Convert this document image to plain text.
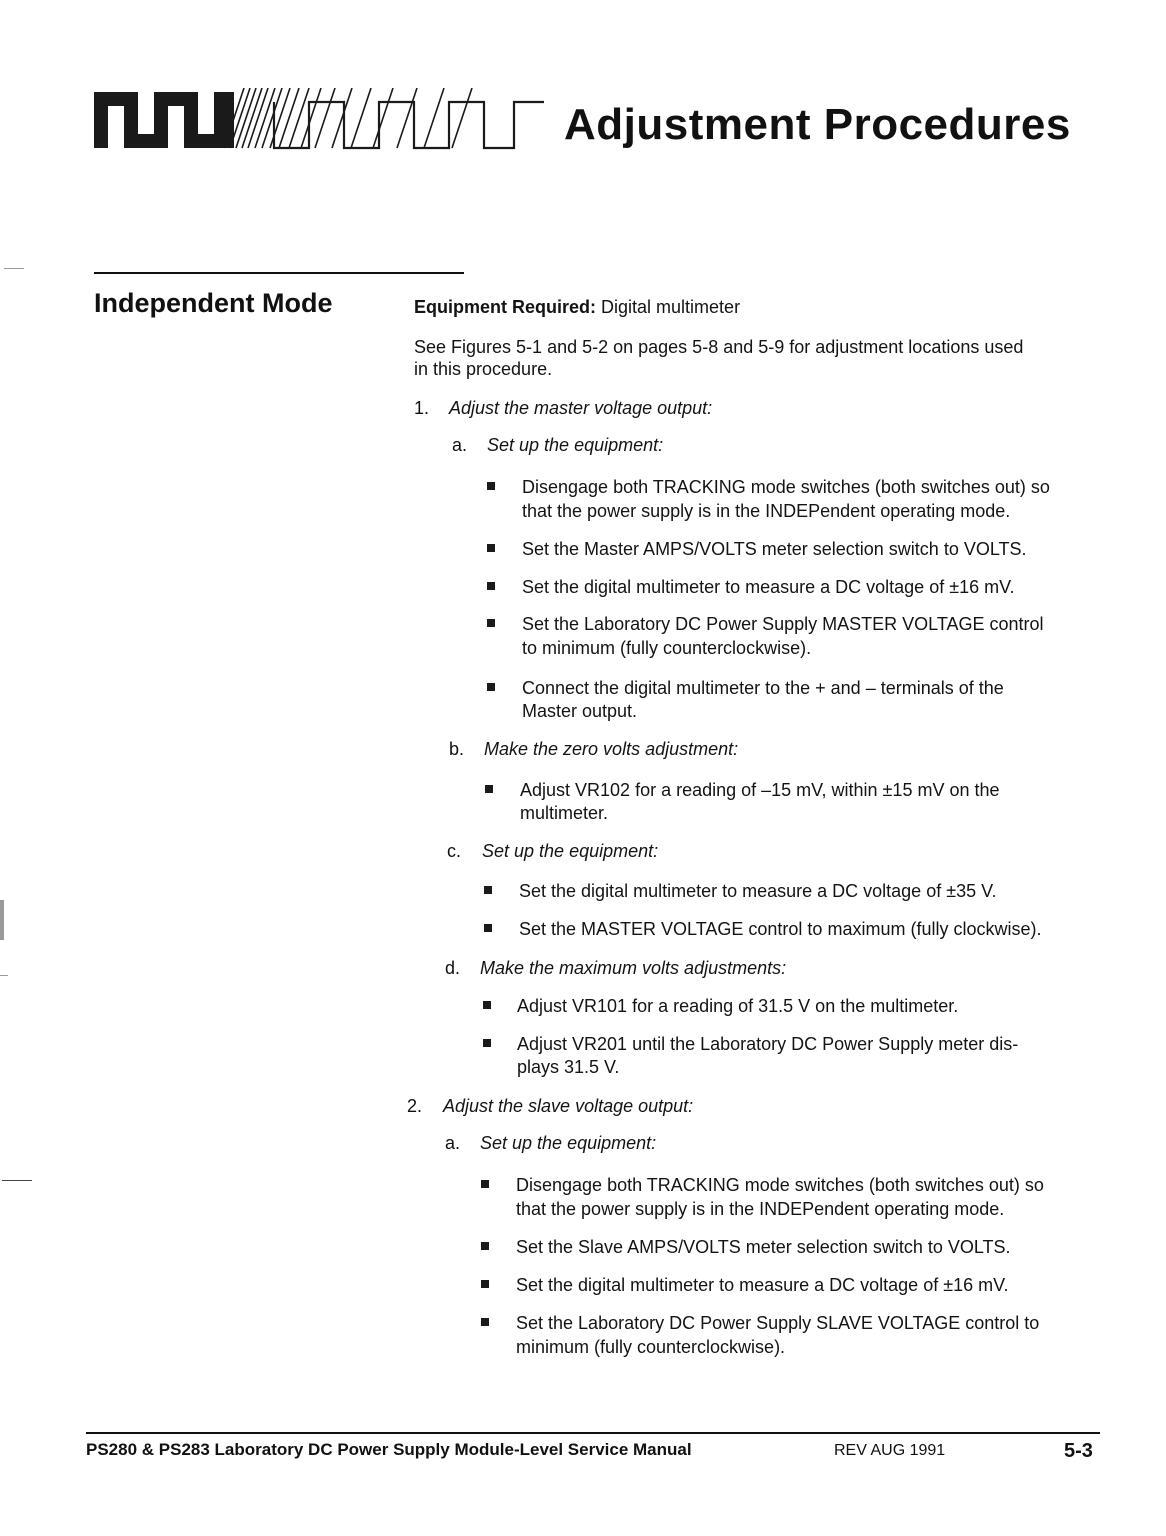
Adjustment Procedures
Independent Mode	Equipment Required: Digital multimeter
See Figures 5-1 and 5-2 on pages 5-8 and 5-9 for adjustment locations used
in this procedure.
1. Adjust the master voltage output:
a. Set up the equipment:
Disengage both TRACKING mode switches (both switches out) so
that the power supply is in the INDEPendent operating mode.
Set the Master AMPS/VOLTS meter selection switch to VOLTS.
Set the digital multimeter to measure a DC voltage of ±16 mV.
Set the Laboratory DC Power Supply MASTER VOLTAGE control
to minimum (fully counterclockwise).
Connect the digital multimeter to the + and – terminals of the
Master output.
b. Make the zero volts adjustment:
Adjust VR102 for a reading of –15 mV, within ±15 mV on the
multimeter.
c. Set up the equipment:
Set the digital multimeter to measure a DC voltage of ±35 V.
Set the MASTER VOLTAGE control to maximum (fully clockwise).
d. Make the maximum volts adjustments:
Adjust VR101 for a reading of 31.5 V on the multimeter.
Adjust VR201 until the Laboratory DC Power Supply meter dis-
plays 31.5 V.
2. Adjust the slave voltage output:
a. Set up the equipment:
Disengage both TRACKING mode switches (both switches out) so
that the power supply is in the INDEPendent operating mode.
Set the Slave AMPS/VOLTS meter selection switch to VOLTS.
Set the digital multimeter to measure a DC voltage of ±16 mV.
Set the Laboratory DC Power Supply SLAVE VOLTAGE control to
minimum (fully counterclockwise).
PS280 & PS283 Laboratory DC Power Supply Module-Level Service Manual	REV AUG 1991	5-3
